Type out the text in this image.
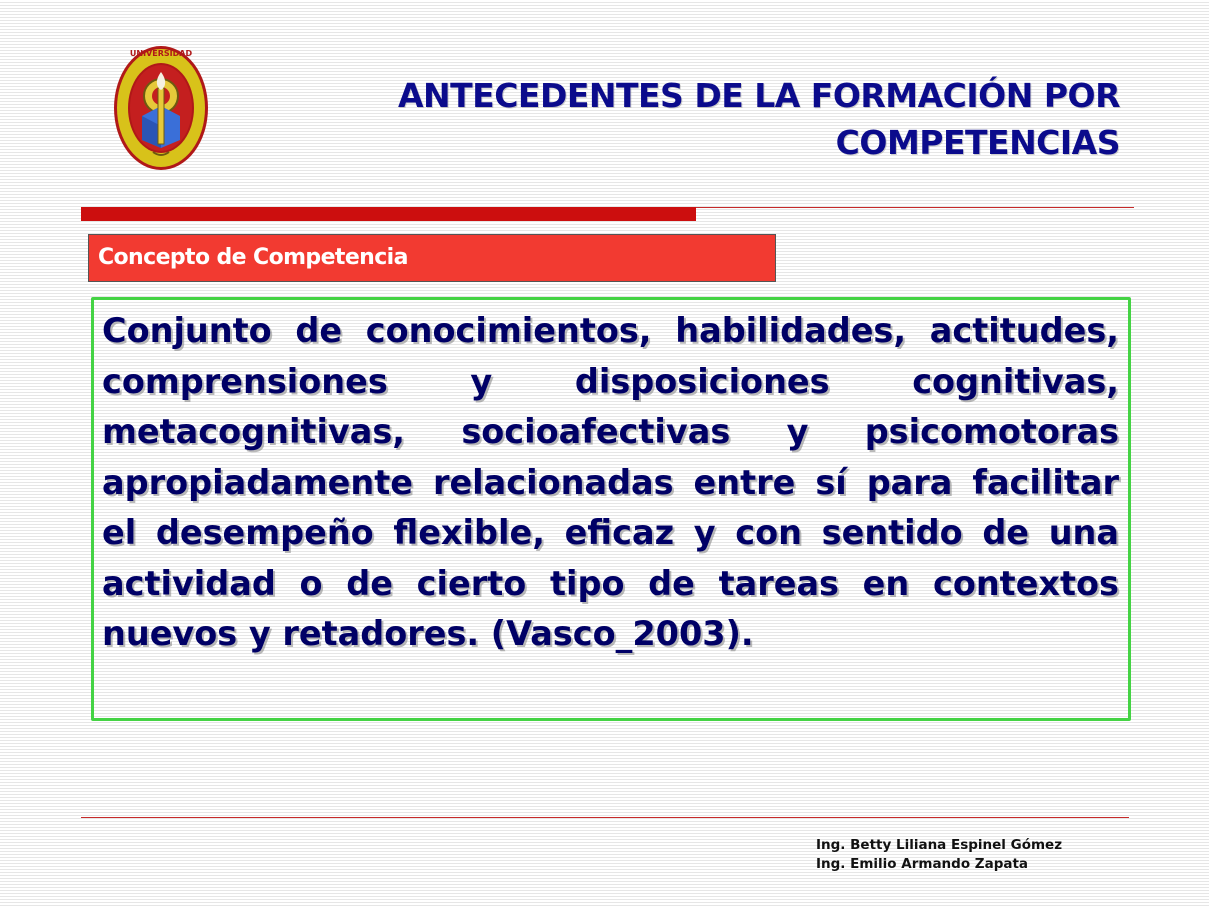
UNIVERSIDAD
ANTECEDENTES DE LA FORMACIÓN POR
COMPETENCIAS
Concepto de Competencia

Conjunto de conocimientos, habilidades, actitudes, comprensiones y disposiciones cognitivas, metacognitivas, socioafectivas y psicomotoras apropiadamente relacionadas entre sí para facilitar el desempeño flexible, eficaz y con sentido de una actividad o de cierto tipo de tareas en contextos nuevos y retadores. (Vasco_2003).

Ing. Betty Liliana Espinel Gómez
Ing. Emilio Armando Zapata
